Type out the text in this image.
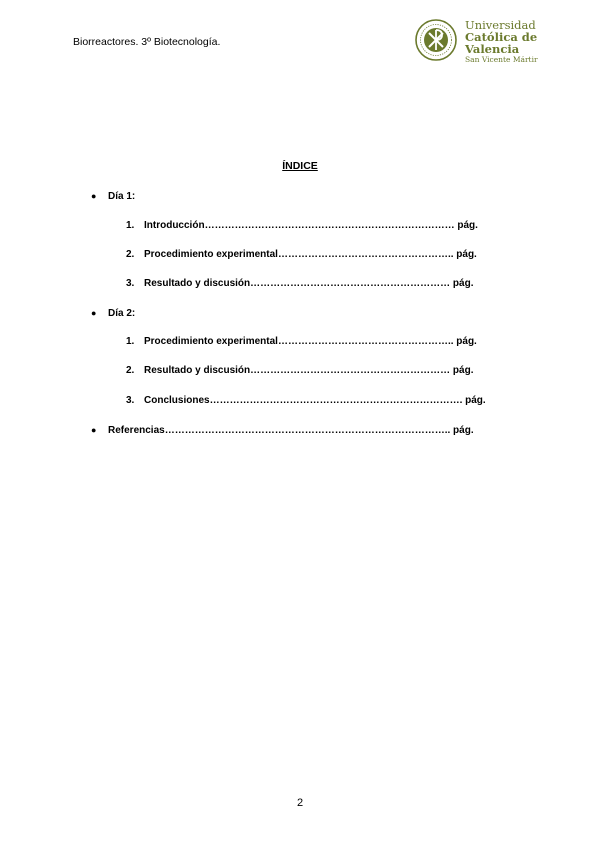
Biorreactores. 3º Biotecnología.
Universidad
Católica de
Valencia
San Vicente Mártir
ÍNDICE
● Día 1:
1. Introducción………………………………………………………………… pág.
2. Procedimiento experimental…………………………………………….. pág.
3. Resultado y discusión…………………………………………………… pág.
● Día 2:
1. Procedimiento experimental…………………………………………….. pág.
2. Resultado y discusión…………………………………………………… pág.
3. Conclusiones…………………………………………………………………. pág.
● Referencias………………………………………………………………………….. pág.
2
